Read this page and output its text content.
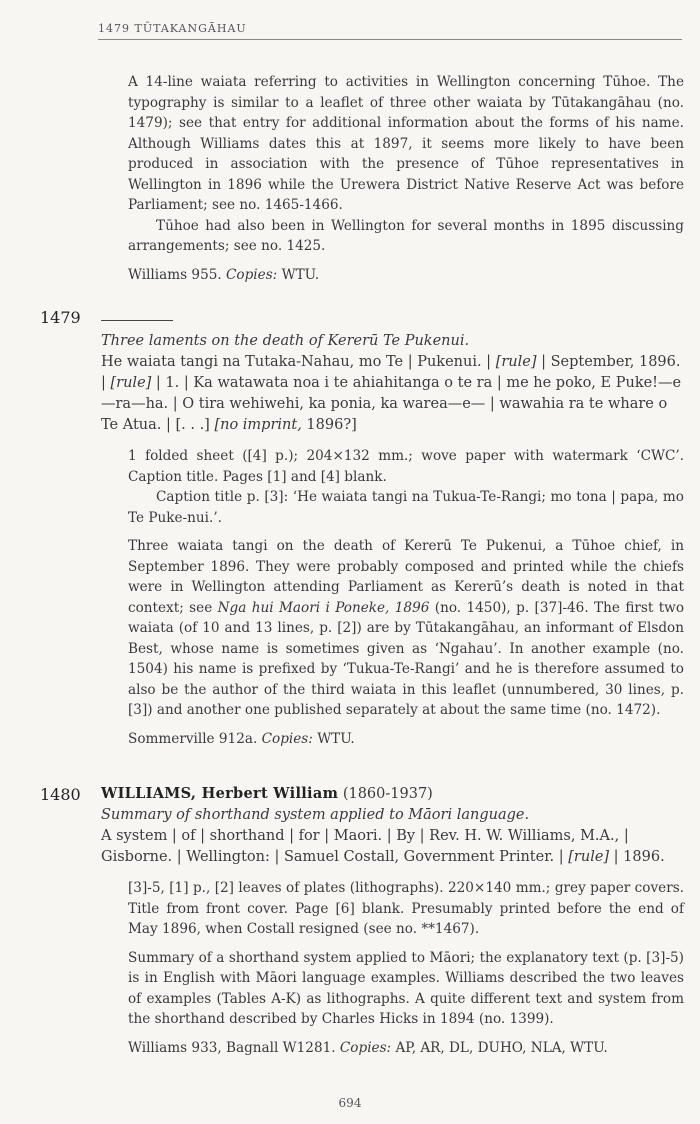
1479 TŪTAKANGĀHAU

A 14-line waiata referring to activities in Wellington concerning Tūhoe. The typography is similar to a leaflet of three other waiata by Tūtakangāhau (no. 1479); see that entry for additional information about the forms of his name. Although Williams dates this at 1897, it seems more likely to have been produced in association with the presence of Tūhoe representatives in Wellington in 1896 while the Urewera District Native Reserve Act was before Parliament; see no. 1465-1466.

Tūhoe had also been in Wellington for several months in 1895 discussing arrangements; see no. 1425.

Williams 955. Copies: WTU.

1479

Three laments on the death of Kererū Te Pukenui.

He waiata tangi na Tutaka-Nahau, mo Te | Pukenui. | [rule] | September, 1896. | [rule] | 1. | Ka watawata noa i te ahiahitanga o te ra | me he poko, E Puke!—e—ra—ha. | O tira wehiwehi, ka ponia, ka warea—e— | wawahia ra te whare o Te Atua. | [. . .] [no imprint, 1896?]

1 folded sheet ([4] p.); 204×132 mm.; wove paper with watermark ‘CWC’. Caption title. Pages [1] and [4] blank.

Caption title p. [3]: ‘He waiata tangi na Tukua-Te-Rangi; mo tona | papa, mo Te Puke-nui.’.

Three waiata tangi on the death of Kererū Te Pukenui, a Tūhoe chief, in September 1896. They were probably composed and printed while the chiefs were in Wellington attending Parliament as Kererū’s death is noted in that context; see Nga hui Maori i Poneke, 1896 (no. 1450), p. [37]-46. The first two waiata (of 10 and 13 lines, p. [2]) are by Tūtakangāhau, an informant of Elsdon Best, whose name is sometimes given as ‘Ngahau’. In another example (no. 1504) his name is prefixed by ‘Tukua-Te-Rangi’ and he is therefore assumed to also be the author of the third waiata in this leaflet (unnumbered, 30 lines, p. [3]) and another one published separately at about the same time (no. 1472).

Sommerville 912a. Copies: WTU.

1480 WILLIAMS, Herbert William (1860-1937)

Summary of shorthand system applied to Māori language.

A system | of | shorthand | for | Maori. | By | Rev. H. W. Williams, M.A., | Gisborne. | Wellington: | Samuel Costall, Government Printer. | [rule] | 1896.

[3]-5, [1] p., [2] leaves of plates (lithographs). 220×140 mm.; grey paper covers. Title from front cover. Page [6] blank. Presumably printed before the end of May 1896, when Costall resigned (see no. **1467).

Summary of a shorthand system applied to Māori; the explanatory text (p. [3]-5) is in English with Māori language examples. Williams described the two leaves of examples (Tables A-K) as lithographs. A quite different text and system from the shorthand described by Charles Hicks in 1894 (no. 1399).

Williams 933, Bagnall W1281. Copies: AP, AR, DL, DUHO, NLA, WTU.

694
